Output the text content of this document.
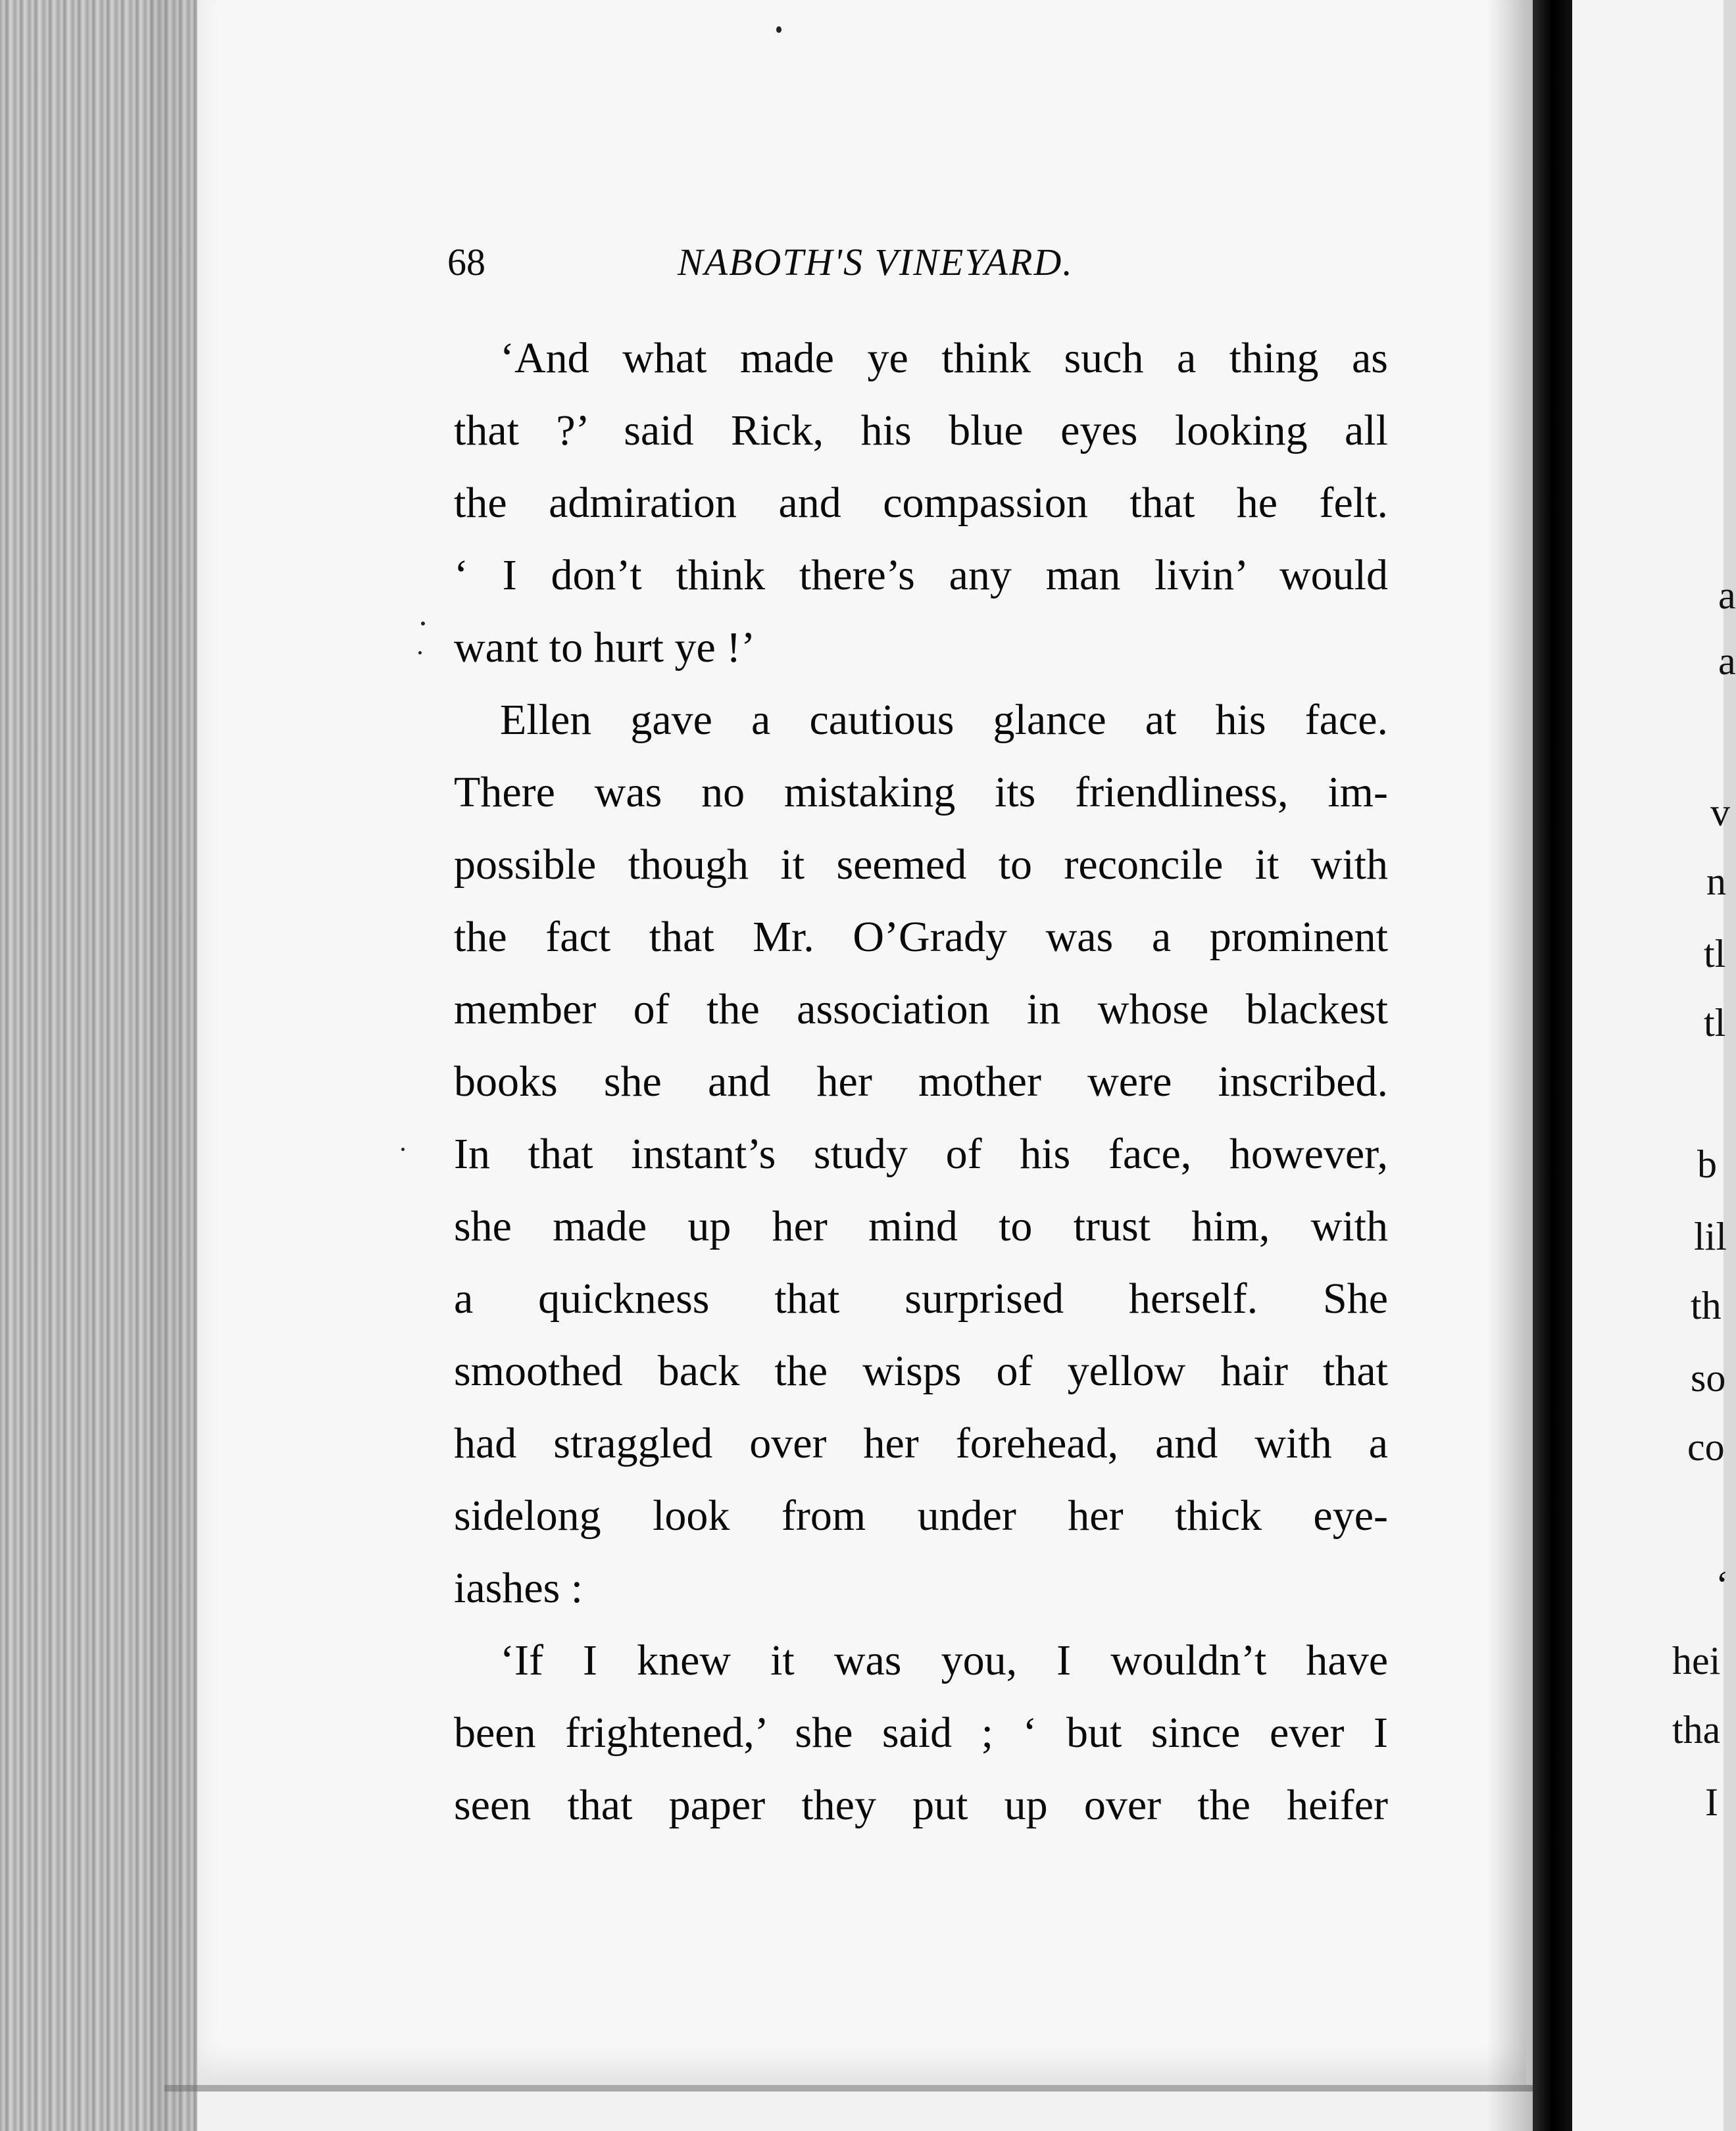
a
a
v
n
tl
tl
b
lil
th
so
co
‘
hei
tha
I
68	NABOTH'S VINEYARD.
‘And what made ye think such a thing as
that ?’ said Rick, his blue eyes looking all
the admiration and compassion that he felt.
‘ I don’t think there’s any man livin’ would
want to hurt ye !’
Ellen gave a cautious glance at his face.
There was no mistaking its friendliness, im-
possible though it seemed to reconcile it with
the fact that Mr. O’Grady was a prominent
member of the association in whose blackest
books she and her mother were inscribed.
In that instant’s study of his face, however,
she made up her mind to trust him, with
a quickness that surprised herself. She
smoothed back the wisps of yellow hair that
had straggled over her forehead, and with a
sidelong look from under her thick eye-
iashes :
‘If I knew it was you, I wouldn’t have
been frightened,’ she said ; ‘ but since ever I
seen that paper they put up over the heifer
